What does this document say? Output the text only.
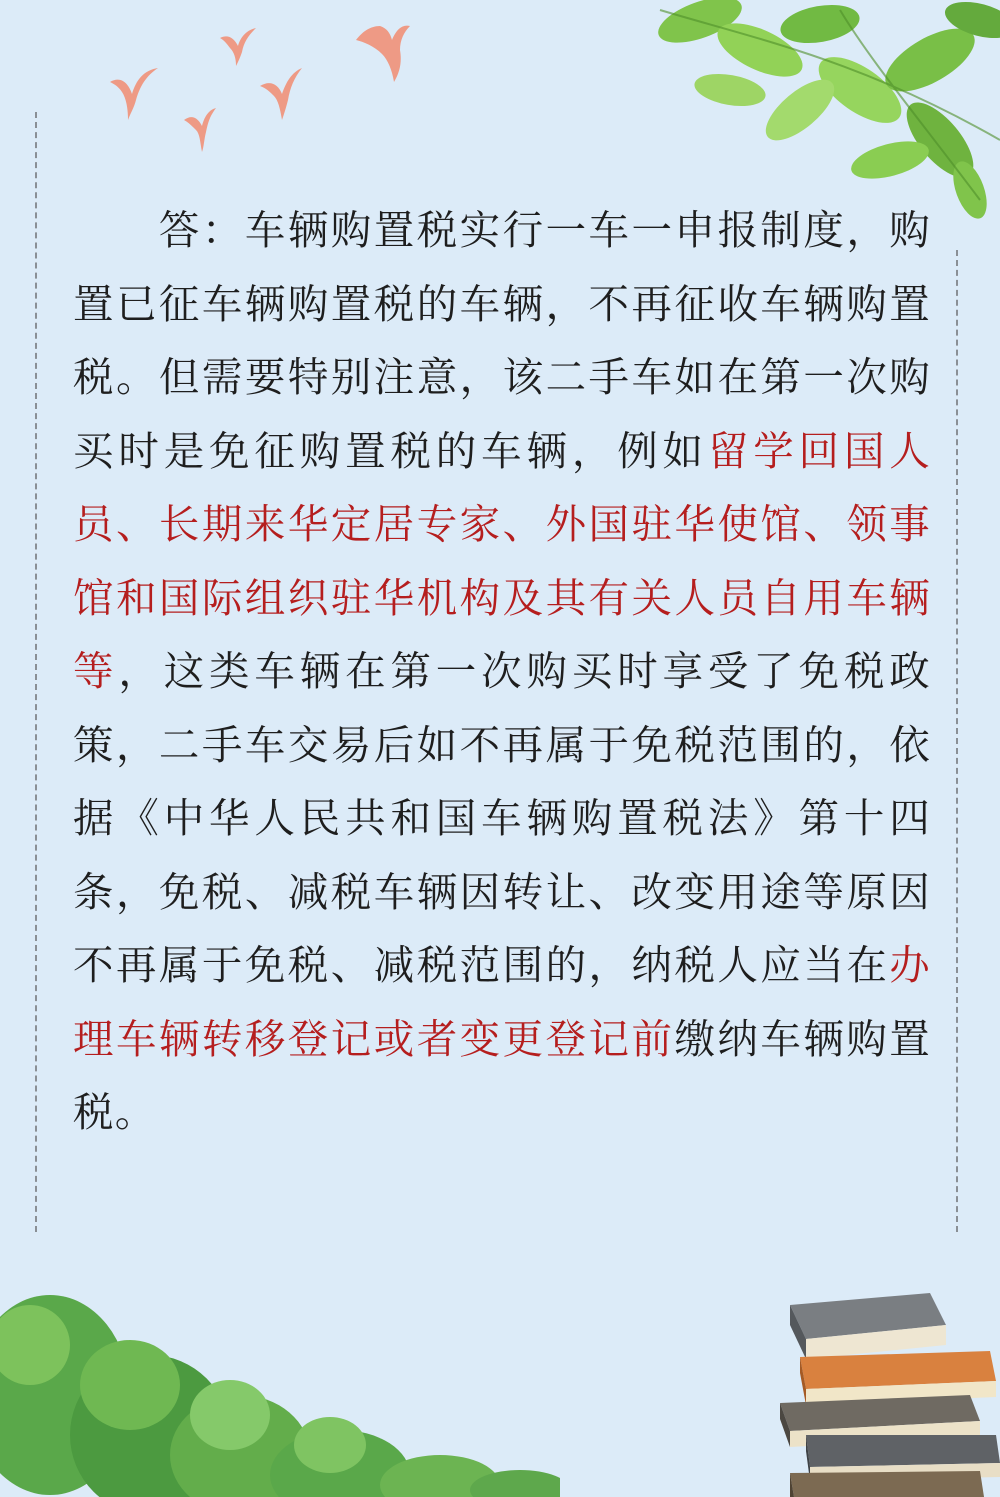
　　答：车辆购置税实行一车一申报制度，购置已征车辆购置税的车辆，不再征收车辆购置税。但需要特别注意，该二手车如在第一次购买时是免征购置税的车辆，例如留学回国人员、长期来华定居专家、外国驻华使馆、领事馆和国际组织驻华机构及其有关人员自用车辆等，这类车辆在第一次购买时享受了免税政策，二手车交易后如不再属于免税范围的，依据《中华人民共和国车辆购置税法》第十四条，免税、减税车辆因转让、改变用途等原因不再属于免税、减税范围的，纳税人应当在办理车辆转移登记或者变更登记前缴纳车辆购置税。
